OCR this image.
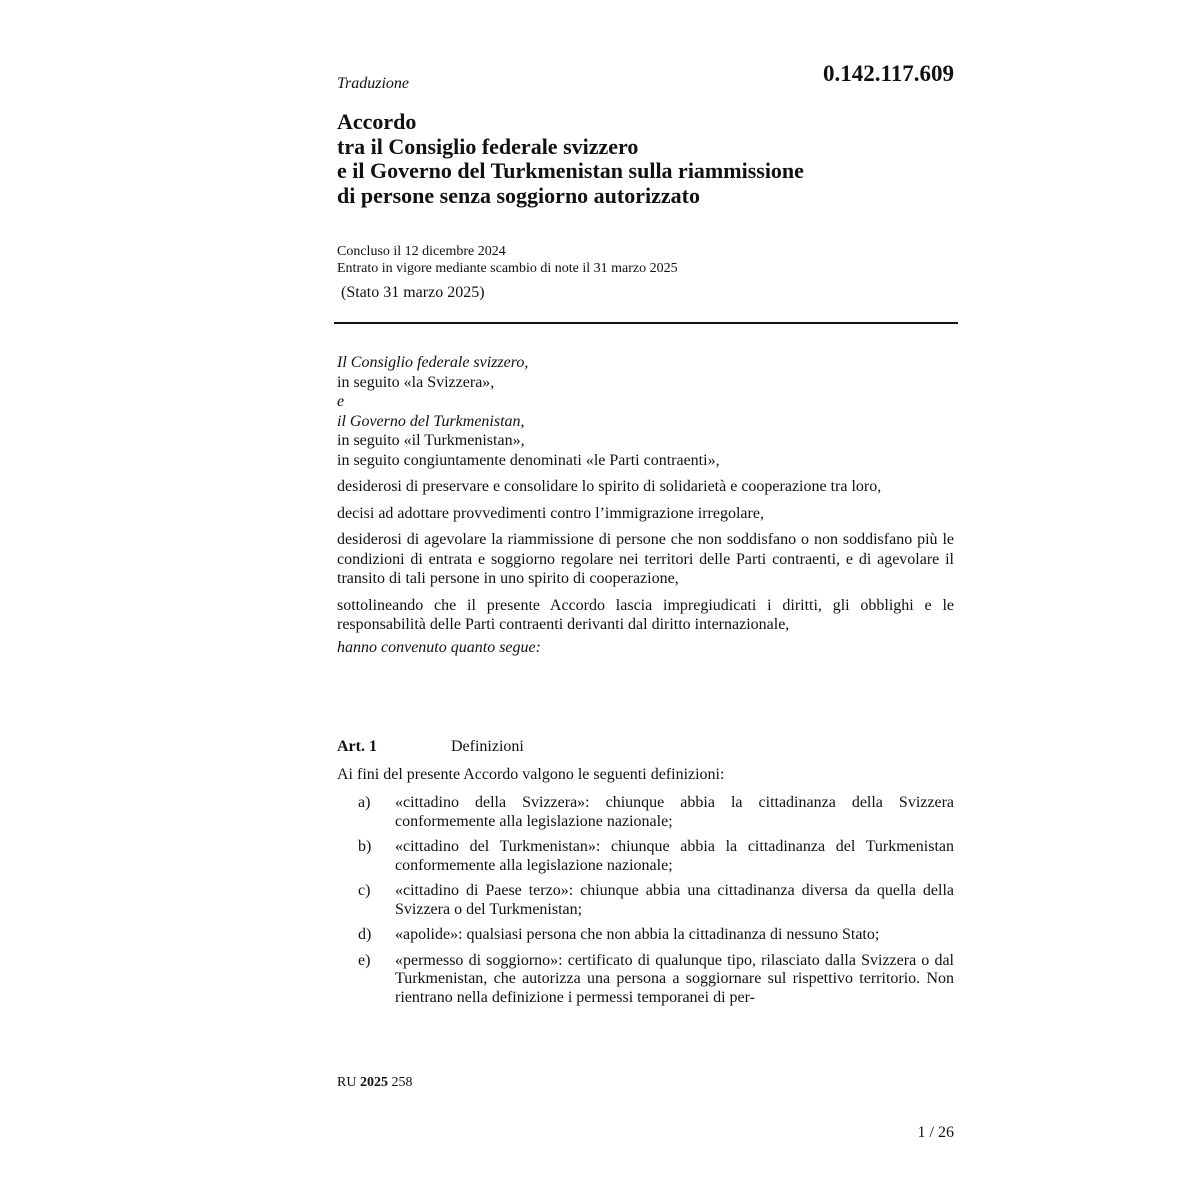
Traduzione	0.142.117.609
Accordo
tra il Consiglio federale svizzero
e il Governo del Turkmenistan sulla riammissione
di persone senza soggiorno autorizzato
Concluso il 12 dicembre 2024
Entrato in vigore mediante scambio di note il 31 marzo 2025
(Stato 31 marzo 2025)
Il Consiglio federale svizzero,
in seguito «la Svizzera»,
e
il Governo del Turkmenistan,
in seguito «il Turkmenistan»,
in seguito congiuntamente denominati «le Parti contraenti»,
desiderosi di preservare e consolidare lo spirito di solidarietà e cooperazione tra loro,
decisi ad adottare provvedimenti contro l’immigrazione irregolare,
desiderosi di agevolare la riammissione di persone che non soddisfano o non soddisfano più le condizioni di entrata e soggiorno regolare nei territori delle Parti contraenti, e di agevolare il transito di tali persone in uno spirito di cooperazione,
sottolineando che il presente Accordo lascia impregiudicati i diritti, gli obblighi e le responsabilità delle Parti contraenti derivanti dal diritto internazionale,
hanno convenuto quanto segue:
Art. 1	Definizioni
Ai fini del presente Accordo valgono le seguenti definizioni:
a) «cittadino della Svizzera»: chiunque abbia la cittadinanza della Svizzera conformemente alla legislazione nazionale;
b) «cittadino del Turkmenistan»: chiunque abbia la cittadinanza del Turkmenistan conformemente alla legislazione nazionale;
c) «cittadino di Paese terzo»: chiunque abbia una cittadinanza diversa da quella della Svizzera o del Turkmenistan;
d) «apolide»: qualsiasi persona che non abbia la cittadinanza di nessuno Stato;
e) «permesso di soggiorno»: certificato di qualunque tipo, rilasciato dalla Svizzera o dal Turkmenistan, che autorizza una persona a soggiornare sul rispettivo territorio. Non rientrano nella definizione i permessi temporanei di per-
RU 2025 258
1 / 26
